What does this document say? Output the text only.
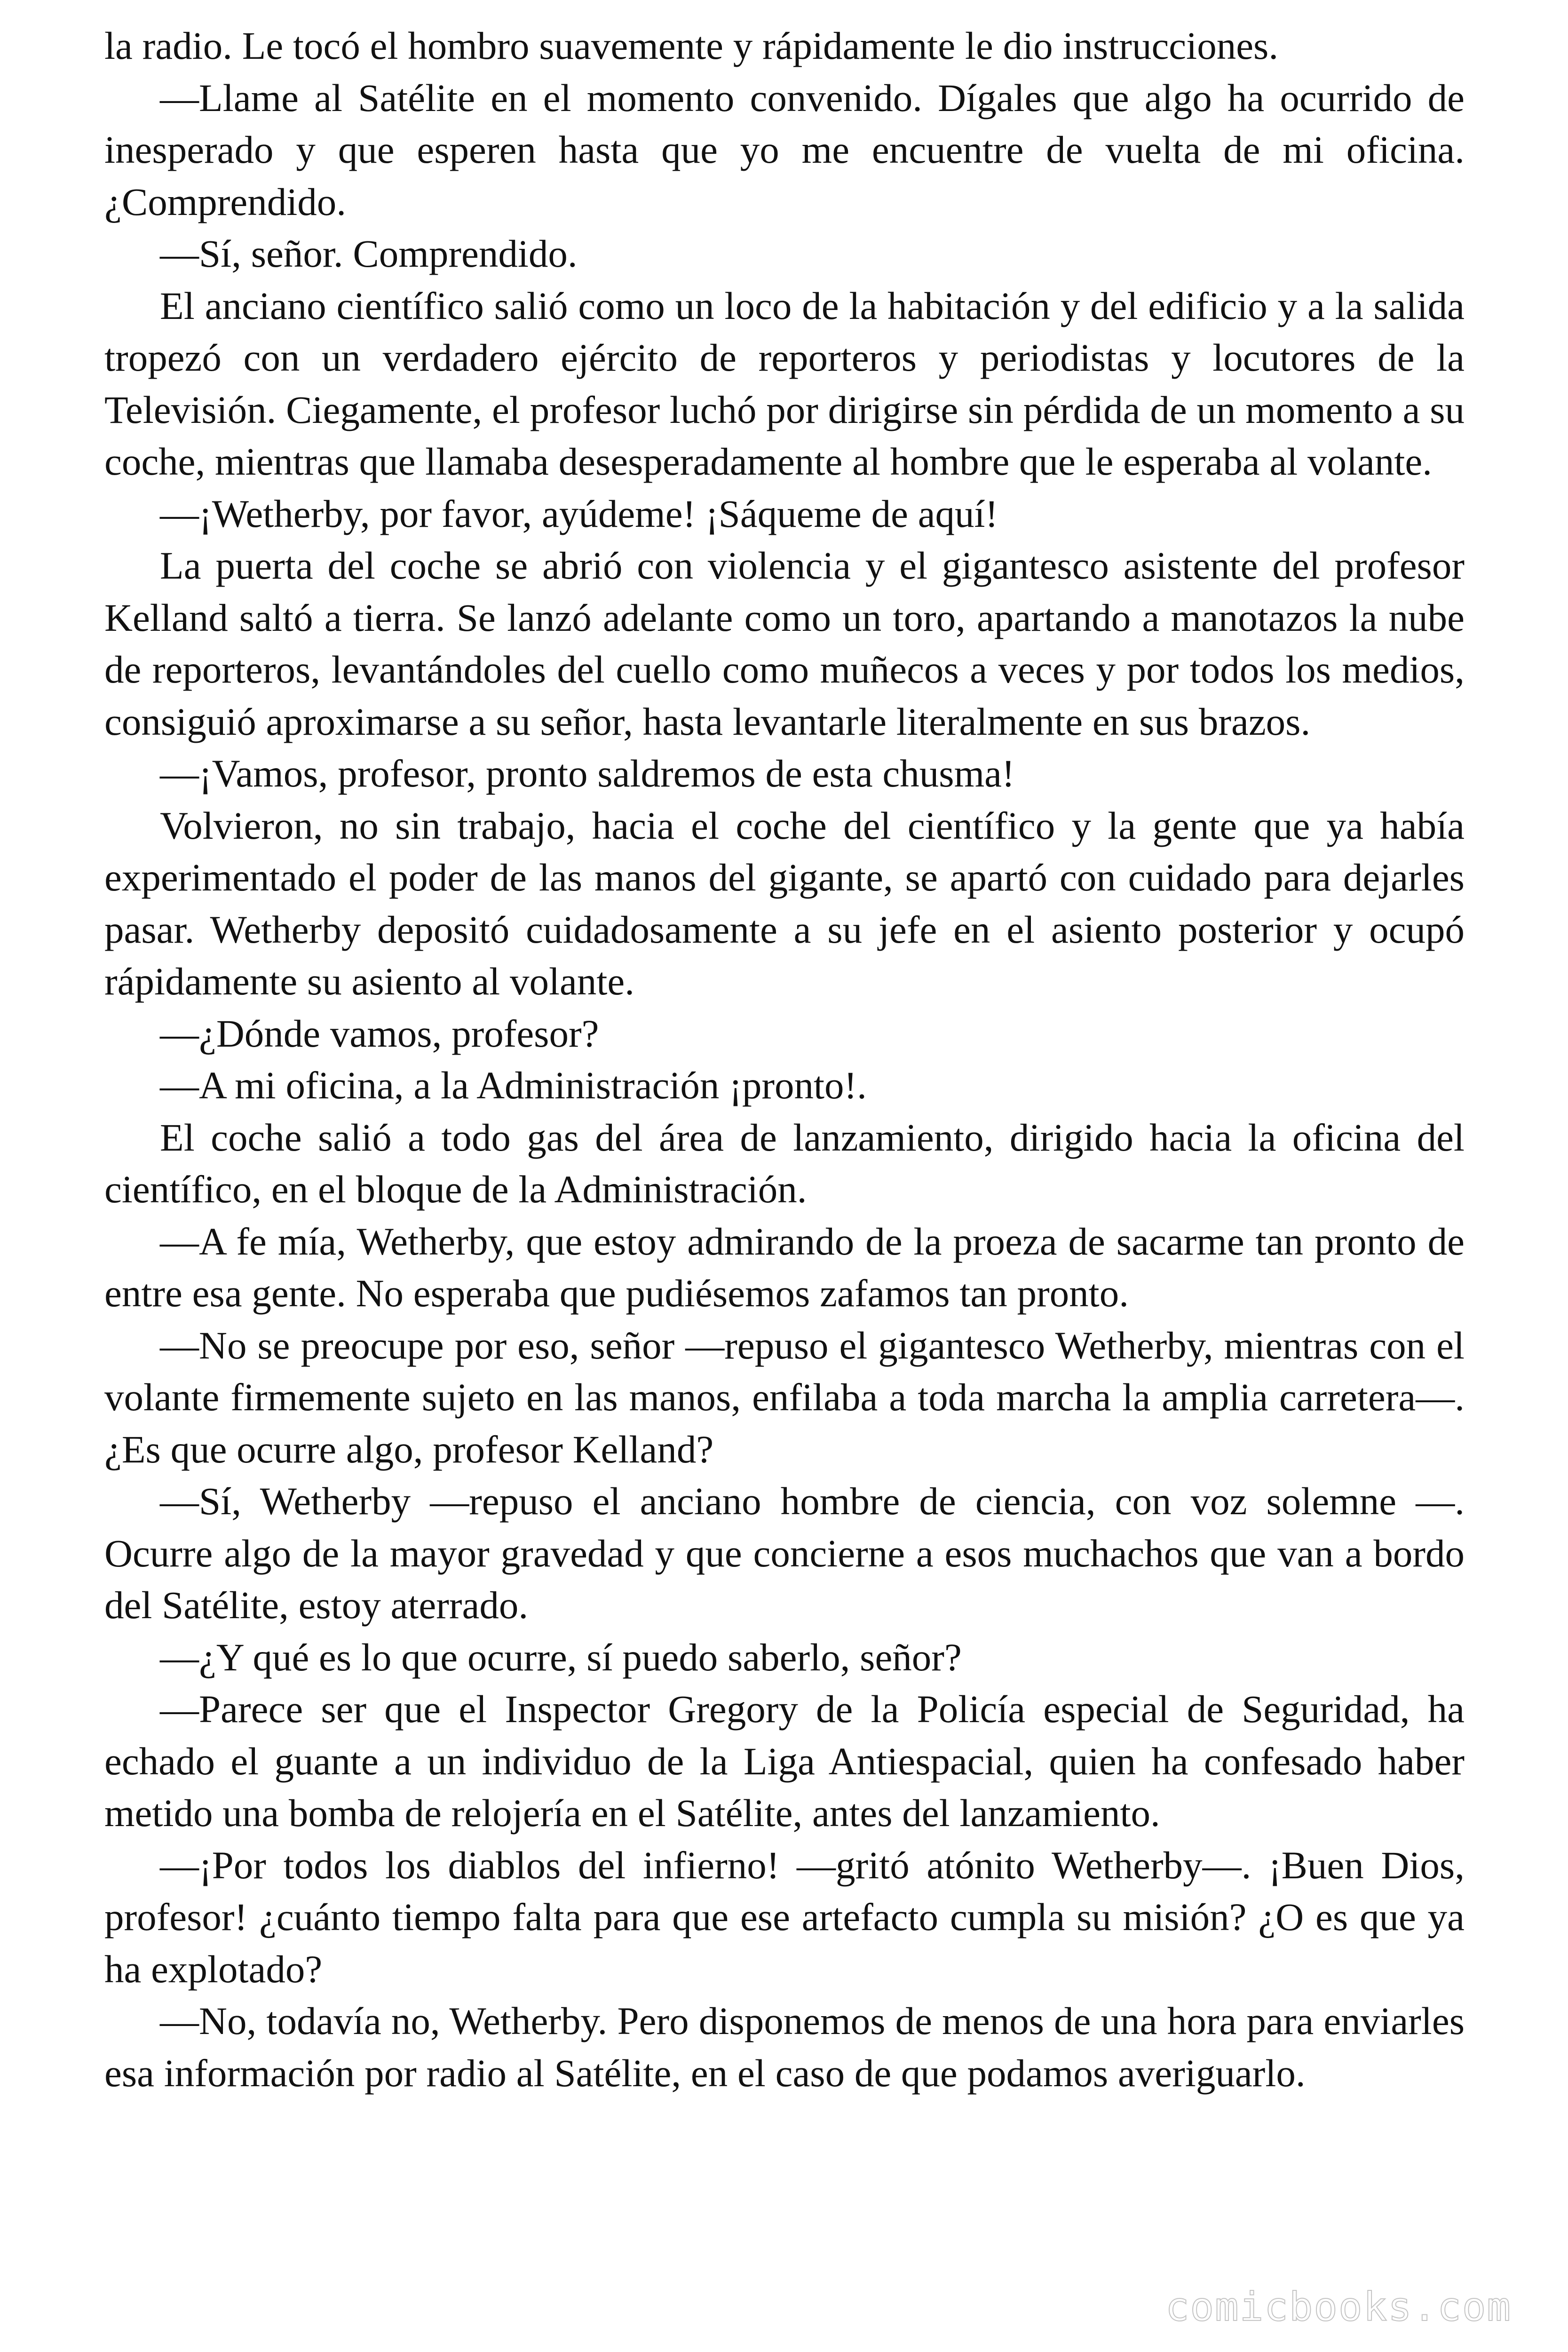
la radio. Le tocó el hombro suavemente y rápidamente le dio instrucciones.

—Llame al Satélite en el momento convenido. Dígales que algo ha ocurrido de inesperado y que esperen hasta que yo me encuentre de vuelta de mi oficina. ¿Comprendido.

—Sí, señor. Comprendido.

El anciano científico salió como un loco de la habitación y del edificio y a la salida tropezó con un verdadero ejército de reporteros y periodistas y locutores de la Televisión. Ciegamente, el profesor luchó por dirigirse sin pérdida de un momento a su coche, mientras que llamaba desesperadamente al hombre que le esperaba al volante.

—¡Wetherby, por favor, ayúdeme! ¡Sáqueme de aquí!

La puerta del coche se abrió con violencia y el gigantesco asistente del profesor Kelland saltó a tierra. Se lanzó adelante como un toro, apartando a manotazos la nube de reporteros, levantándoles del cuello como muñecos a veces y por todos los medios, consiguió aproximarse a su señor, hasta levantarle literalmente en sus brazos.

—¡Vamos, profesor, pronto saldremos de esta chusma!

Volvieron, no sin trabajo, hacia el coche del científico y la gente que ya había experimentado el poder de las manos del gigante, se apartó con cuidado para dejarles pasar. Wetherby depositó cuidadosamente a su jefe en el asiento posterior y ocupó rápidamente su asiento al volante.

—¿Dónde vamos, profesor?

—A mi oficina, a la Administración ¡pronto!.

El coche salió a todo gas del área de lanzamiento, dirigido hacia la oficina del científico, en el bloque de la Administración.

—A fe mía, Wetherby, que estoy admirando de la proeza de sacarme tan pronto de entre esa gente. No esperaba que pudiésemos zafamos tan pronto.

—No se preocupe por eso, señor —repuso el gigantesco Wetherby, mientras con el volante firmemente sujeto en las manos, enfilaba a toda marcha la amplia carretera—. ¿Es que ocurre algo, profesor Kelland?

—Sí, Wetherby —repuso el anciano hombre de ciencia, con voz solemne —. Ocurre algo de la mayor gravedad y que concierne a esos muchachos que van a bordo del Satélite, estoy aterrado.

—¿Y qué es lo que ocurre, sí puedo saberlo, señor?

—Parece ser que el Inspector Gregory de la Policía especial de Seguridad, ha echado el guante a un individuo de la Liga Antiespacial, quien ha confesado haber metido una bomba de relojería en el Satélite, antes del lanzamiento.

—¡Por todos los diablos del infierno! —gritó atónito Wetherby—. ¡Buen Dios, profesor! ¿cuánto tiempo falta para que ese artefacto cumpla su misión? ¿O es que ya ha explotado?

—No, todavía no, Wetherby. Pero disponemos de menos de una hora para enviarles esa información por radio al Satélite, en el caso de que podamos averiguarlo.

comicbooks.com
